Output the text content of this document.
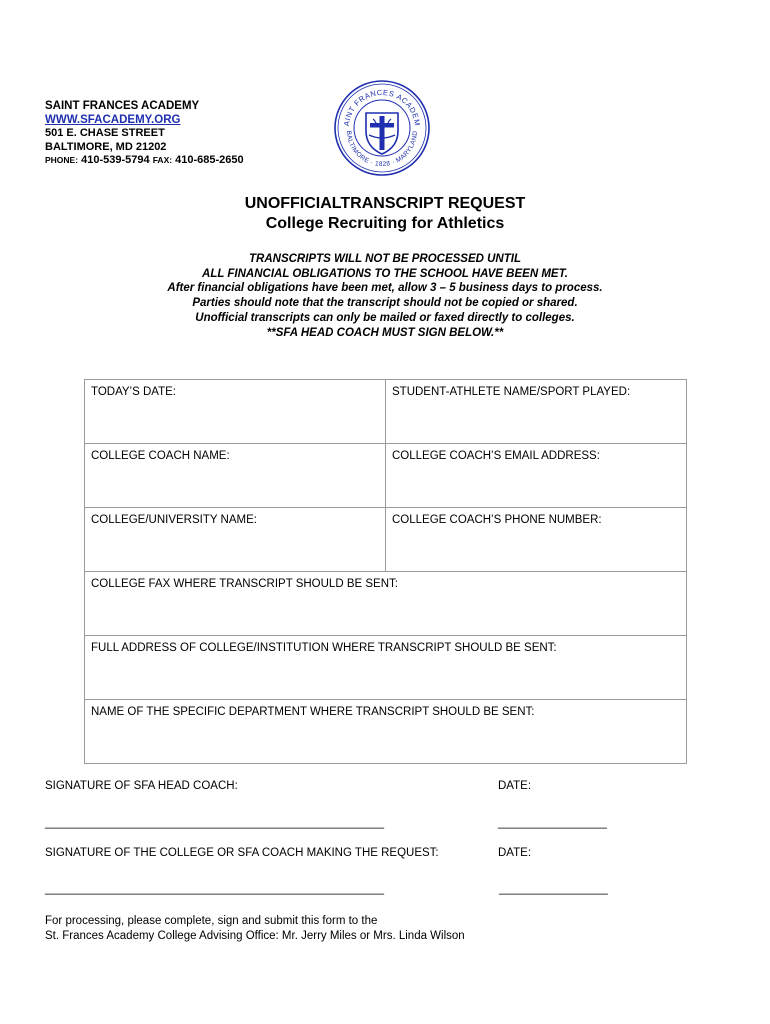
SAINT FRANCES ACADEMY
WWW.SFACADEMY.ORG
501 E. CHASE STREET
BALTIMORE, MD 21202
PHONE: 410-539-5794 FAX: 410-685-2650
AINT FRANCES ACADEM
BALTIMORE · 1828 · MARYLAND
UNOFFICIALTRANSCRIPT REQUEST
College Recruiting for Athletics
TRANSCRIPTS WILL NOT BE PROCESSED UNTIL
ALL FINANCIAL OBLIGATIONS TO THE SCHOOL HAVE BEEN MET.
After financial obligations have been met, allow 3 – 5 business days to process.
Parties should note that the transcript should not be copied or shared.
Unofficial transcripts can only be mailed or faxed directly to colleges.
**SFA HEAD COACH MUST SIGN BELOW.**
TODAY’S DATE:	STUDENT-ATHLETE NAME/SPORT PLAYED:
COLLEGE COACH NAME:	COLLEGE COACH’S EMAIL ADDRESS:
COLLEGE/UNIVERSITY NAME:	COLLEGE COACH’S PHONE NUMBER:
COLLEGE FAX WHERE TRANSCRIPT SHOULD BE SENT:	
FULL ADDRESS OF COLLEGE/INSTITUTION WHERE TRANSCRIPT SHOULD BE SENT:	
NAME OF THE SPECIFIC DEPARTMENT WHERE TRANSCRIPT SHOULD BE SENT:	
SIGNATURE OF SFA HEAD COACH:	DATE:
_____________________________________________________	_________________
SIGNATURE OF THE COLLEGE OR SFA COACH MAKING THE REQUEST:	DATE:
_____________________________________________________	_________________
For processing, please complete, sign and submit this form to the
St. Frances Academy College Advising Office: Mr. Jerry Miles or Mrs. Linda Wilson
